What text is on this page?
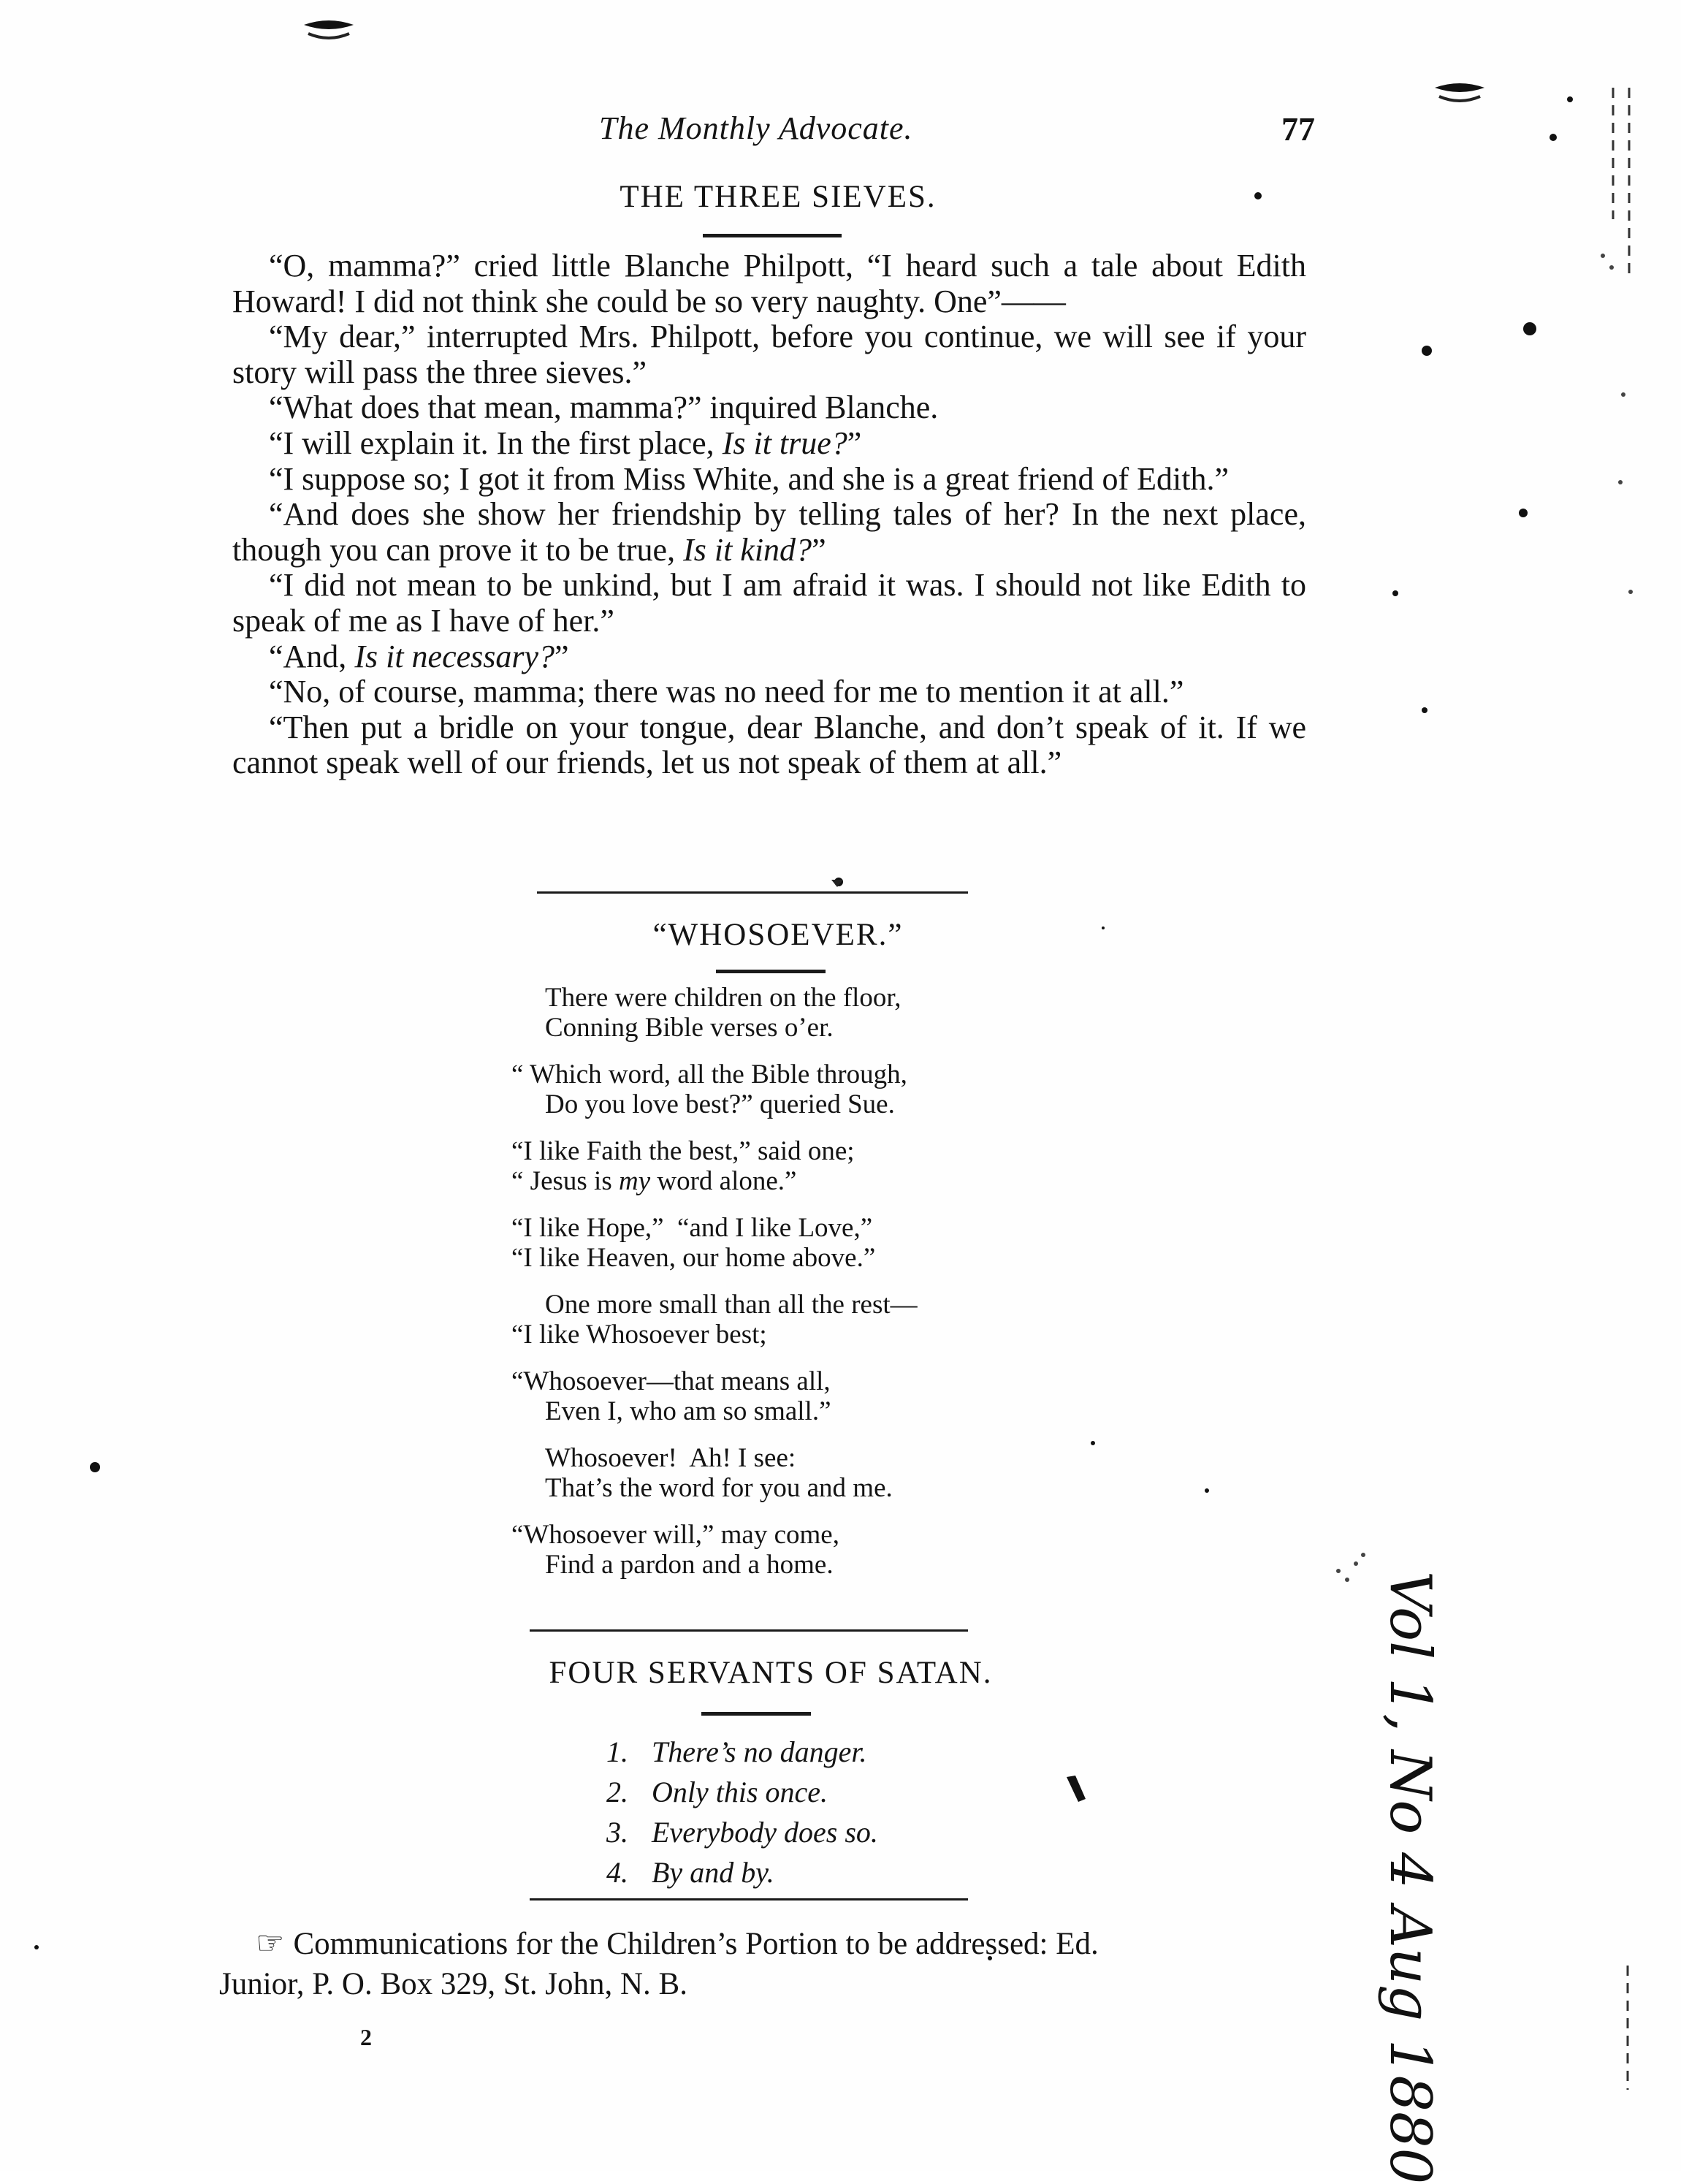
The Monthly Advocate.	77
THE THREE SIEVES.

“O, mamma?” cried little Blanche Philpott, “I heard such a tale about Edith Howard! I did not think she could be so very naughty. One”——

“My dear,” interrupted Mrs. Philpott, before you continue, we will see if your story will pass the three sieves.”

“What does that mean, mamma?” inquired Blanche.

“I will explain it. In the first place, Is it true?”

“I suppose so; I got it from Miss White, and she is a great friend of Edith.”

“And does she show her friendship by telling tales of her? In the next place, though you can prove it to be true, Is it kind?”

“I did not mean to be unkind, but I am afraid it was. I should not like Edith to speak of me as I have of her.”

“And, Is it necessary?”

“No, of course, mamma; there was no need for me to mention it at all.”

“Then put a bridle on your tongue, dear Blanche, and don’t speak of it. If we cannot speak well of our friends, let us not speak of them at all.”

“WHOSOEVER.”
There were children on the floor,
Conning Bible verses o’er.
“ Which word, all the Bible through,
Do you love best?” queried Sue.
“I like Faith the best,” said one;
“ Jesus is my word alone.”
“I like Hope,”  “and I like Love,”
“I like Heaven, our home above.”
One more small than all the rest—
“I like Whosoever best;
“Whosoever—that means all,
Even I, who am so small.”
Whosoever!  Ah! I see:
That’s the word for you and me.
“Whosoever will,” may come,
Find a pardon and a home.
FOUR SERVANTS OF SATAN.
1. There’s no danger.
2. Only this once.
3. Everybody does so.
4. By and by.
☞ Communications for the Children’s Portion to be addressed: Ed.
Junior, P. O. Box 329, St. John, N. B.
2	Vol 1, No 4 Aug 1880
